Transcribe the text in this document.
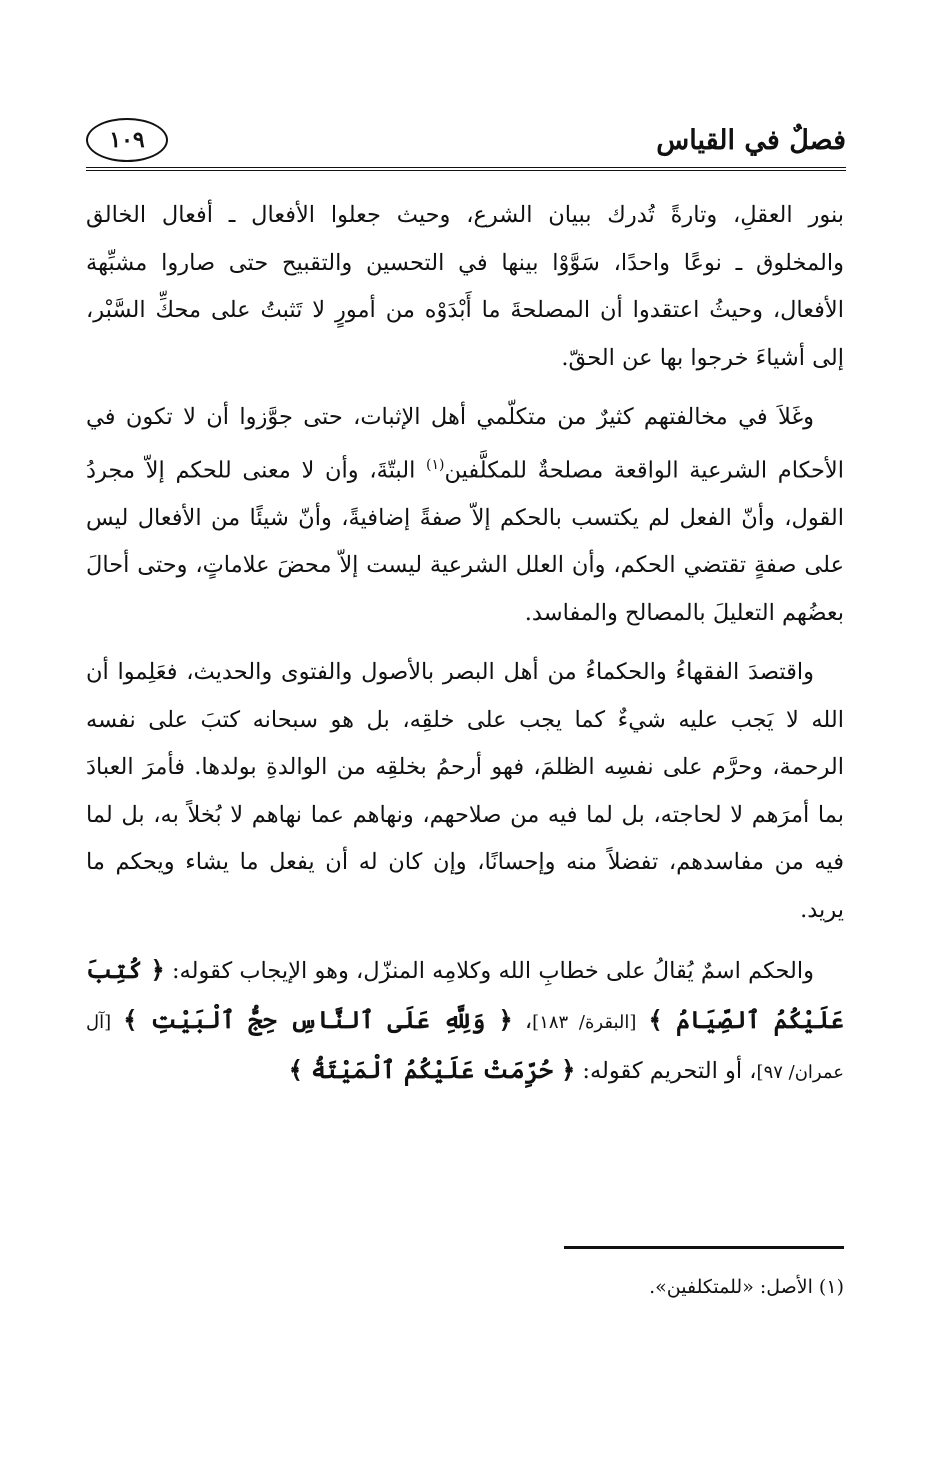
فصلٌ في القياس
١٠٩

بنور العقلِ، وتارةً تُدرك ببيان الشرع، وحيث جعلوا الأفعال ـ أفعال الخالق والمخلوق ـ نوعًا واحدًا، سَوَّوْا بينها في التحسين والتقبيح حتى صاروا مشبِّهة الأفعال، وحيثُ اعتقدوا أن المصلحةَ ما أَبْدَوْه من أمورٍ لا تَثبتُ على محكِّ السَّبْر، إلى أشياءَ خرجوا بها عن الحقّ.

وغَلاَ في مخالفتهم كثيرٌ من متكلّمي أهل الإثبات، حتى جوَّزوا أن لا تكون في الأحكام الشرعية الواقعة مصلحةٌ للمكلَّفين$^{(١)}$ البتّةَ، وأن لا معنى للحكم إلاّ مجردُ القول، وأنّ الفعل لم يكتسب بالحكم إلاّ صفةً إضافيةً، وأنّ شيئًا من الأفعال ليس على صفةٍ تقتضي الحكم، وأن العلل الشرعية ليست إلاّ محضَ علاماتٍ، وحتى أحالَ بعضُهم التعليلَ بالمصالح والمفاسد.

واقتصدَ الفقهاءُ والحكماءُ من أهل البصر بالأصول والفتوى والحديث، فعَلِموا أن الله لا يَجب عليه شيءٌ كما يجب على خلقِه، بل هو سبحانه كتبَ على نفسه الرحمة، وحرَّم على نفسِه الظلمَ، فهو أرحمُ بخلقِه من الوالدةِ بولدها. فأمرَ العبادَ بما أمرَهم لا لحاجته، بل لما فيه من صلاحهم، ونهاهم عما نهاهم لا بُخلاً به، بل لما فيه من مفاسدهم، تفضلاً منه وإحسانًا، وإن كان له أن يفعل ما يشاء ويحكم ما يريد.

والحكم اسمٌ يُقالُ على خطابِ الله وكلامِه المنزّل، وهو الإيجاب كقوله: ﴿ كُتِبَ عَلَيْكُمُ ٱلصِّيَامُ ﴾ [البقرة/ ١٨٣]، ﴿ وَلِلَّهِ عَلَى ٱلنَّاسِ حِجُّ ٱلْبَيْتِ ﴾ [آل عمران/ ٩٧]، أو التحريم كقوله: ﴿ حُرِّمَتْ عَلَيْكُمُ ٱلْمَيْتَةُ ﴾

(١) الأصل: «للمتكلفين».
